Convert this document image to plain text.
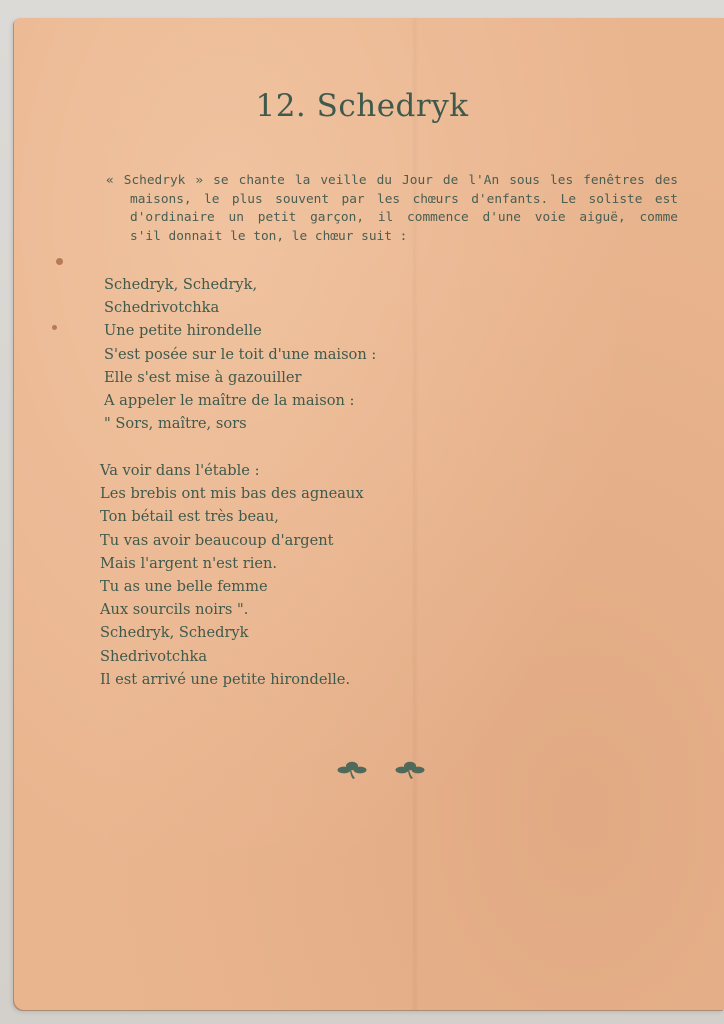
12. Schedryk
« Schedryk » se chante la veille du Jour de l'An sous les fenêtres des
maisons, le plus souvent par les chœurs d'enfants. Le soliste est
d'ordinaire un petit garçon, il commence d'une voie aiguë, comme
s'il donnait le ton, le chœur suit :
Schedryk, Schedryk,
Schedrivotchka
Une petite hirondelle
S'est posée sur le toit d'une maison :
Elle s'est mise à gazouiller
A appeler le maître de la maison :
" Sors, maître, sors
Va voir dans l'étable :
Les brebis ont mis bas des agneaux
Ton bétail est très beau,
Tu vas avoir beaucoup d'argent
Mais l'argent n'est rien.
Tu as une belle femme
Aux sourcils noirs ".
Schedryk, Schedryk
Shedrivotchka
Il est arrivé une petite hirondelle.
